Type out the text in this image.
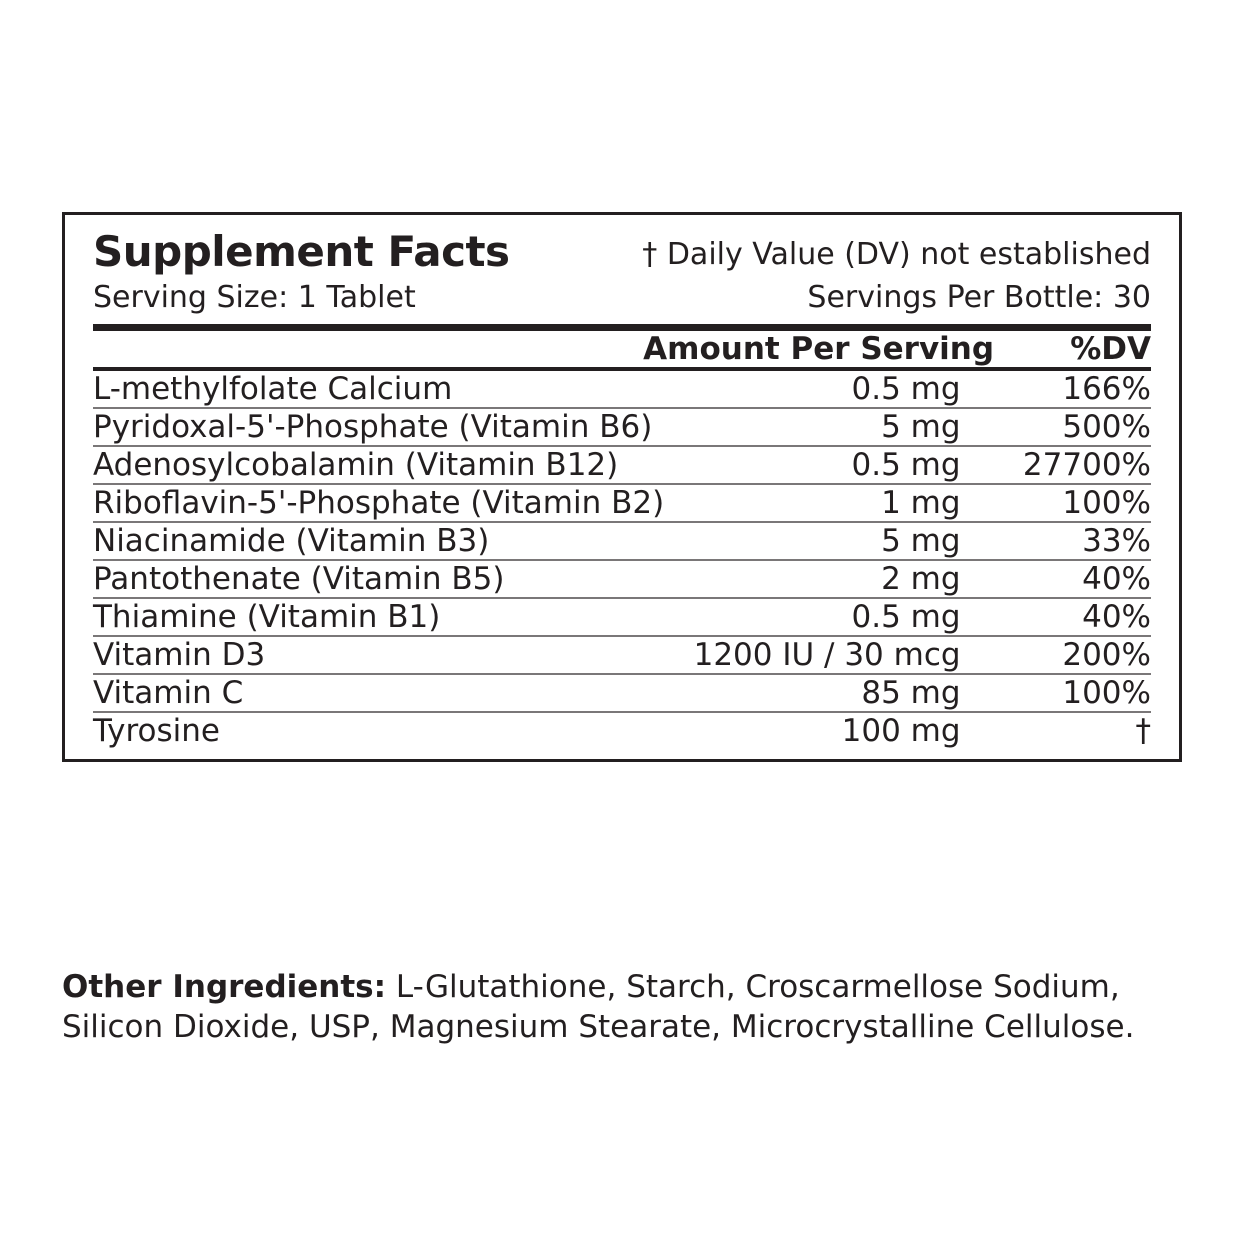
Supplement Facts	† Daily Value (DV) not established
Serving Size: 1 Tablet	Servings Per Bottle: 30
	Amount Per Serving	%DV
L-methylfolate Calcium	0.5 mg	166%
Pyridoxal-5'-Phosphate (Vitamin B6)	5 mg	500%
Adenosylcobalamin (Vitamin B12)	0.5 mg	27700%
Riboflavin-5'-Phosphate (Vitamin B2)	1 mg	100%
Niacinamide (Vitamin B3)	5 mg	33%
Pantothenate (Vitamin B5)	2 mg	40%
Thiamine (Vitamin B1)	0.5 mg	40%
Vitamin D3	1200 IU / 30 mcg	200%
Vitamin C	85 mg	100%
Tyrosine	100 mg	†
Other Ingredients: L-Glutathione, Starch, Croscarmellose Sodium, Silicon Dioxide, USP, Magnesium Stearate, Microcrystalline Cellulose.
